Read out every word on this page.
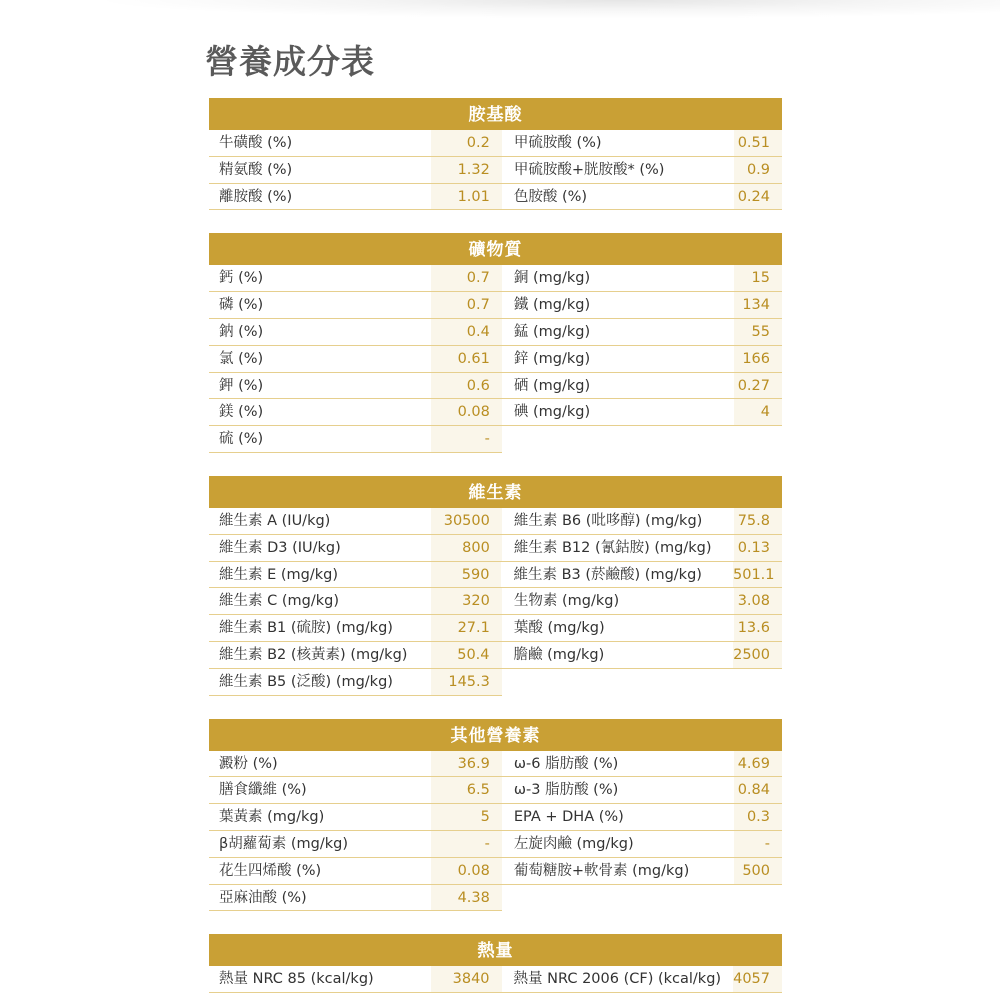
營養成分表
胺基酸
牛磺酸 (%)	0.2	甲硫胺酸 (%)	0.51
精氨酸 (%)	1.32	甲硫胺酸+胱胺酸* (%)	0.9
離胺酸 (%)	1.01	色胺酸 (%)	0.24
礦物質
鈣 (%)	0.7	銅 (mg/kg)	15
磷 (%)	0.7	鐵 (mg/kg)	134
鈉 (%)	0.4	錳 (mg/kg)	55
氯 (%)	0.61	鋅 (mg/kg)	166
鉀 (%)	0.6	硒 (mg/kg)	0.27
鎂 (%)	0.08	碘 (mg/kg)	4
硫 (%)	-
維生素
維生素 A (IU/kg)	30500	維生素 B6 (吡哆醇) (mg/kg)	75.8
維生素 D3 (IU/kg)	800	維生素 B12 (氰鈷胺) (mg/kg)	0.13
維生素 E (mg/kg)	590	維生素 B3 (菸鹼酸) (mg/kg)	501.1
維生素 C (mg/kg)	320	生物素 (mg/kg)	3.08
維生素 B1 (硫胺) (mg/kg)	27.1	葉酸 (mg/kg)	13.6
維生素 B2 (核黃素) (mg/kg)	50.4	膽鹼 (mg/kg)	2500
維生素 B5 (泛酸) (mg/kg)	145.3
其他營養素
澱粉 (%)	36.9	ω-6 脂肪酸 (%)	4.69
膳食纖維 (%)	6.5	ω-3 脂肪酸 (%)	0.84
葉黃素 (mg/kg)	5	EPA + DHA (%)	0.3
β胡蘿蔔素 (mg/kg)	-	左旋肉鹼 (mg/kg)	-
花生四烯酸 (%)	0.08	葡萄糖胺+軟骨素 (mg/kg)	500
亞麻油酸 (%)	4.38
熱量
熱量 NRC 85 (kcal/kg)	3840	熱量 NRC 2006 (CF) (kcal/kg) 4057
